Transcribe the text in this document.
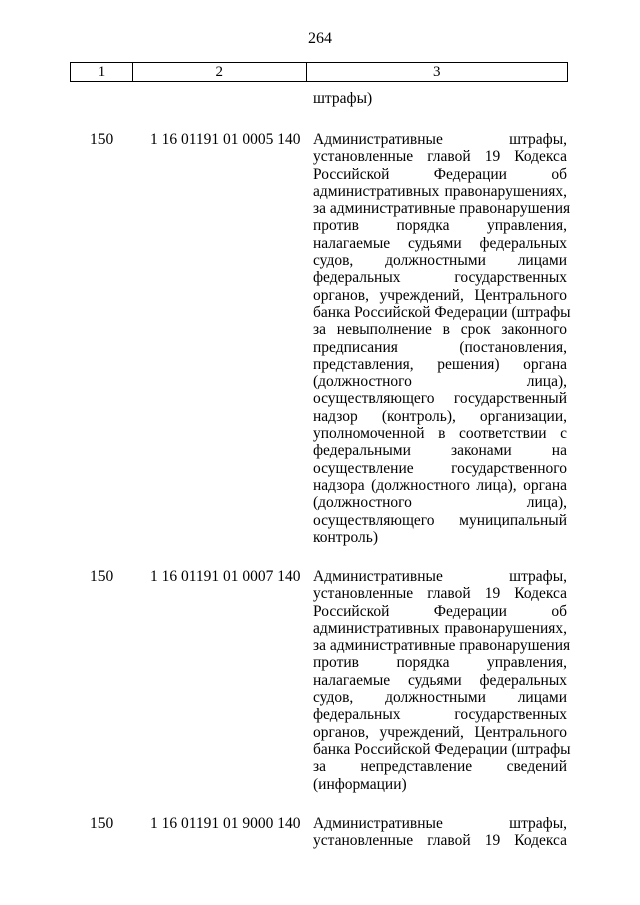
264
1	2	3
штрафы)
150	1 16 01191 01 0005 140 Административные штрафы,
установленные главой 19 Кодекса
Российской Федерации об
административных правонарушениях,
за административные правонарушения
против порядка управления,
налагаемые судьями федеральных
судов, должностными лицами
федеральных государственных
органов, учреждений, Центрального
банка Российской Федерации (штрафы
за невыполнение в срок законного
предписания (постановления,
представления, решения) органа
(должностного лица),
осуществляющего государственный
надзор (контроль), организации,
уполномоченной в соответствии с
федеральными законами на
осуществление государственного
надзора (должностного лица), органа
(должностного лица),
осуществляющего муниципальный
контроль)
150	1 16 01191 01 0007 140 Административные штрафы,
установленные главой 19 Кодекса
Российской Федерации об
административных правонарушениях,
за административные правонарушения
против порядка управления,
налагаемые судьями федеральных
судов, должностными лицами
федеральных государственных
органов, учреждений, Центрального
банка Российской Федерации (штрафы
за непредставление сведений
(информации)
150	1 16 01191 01 9000 140 Административные штрафы,
установленные главой 19 Кодекса
